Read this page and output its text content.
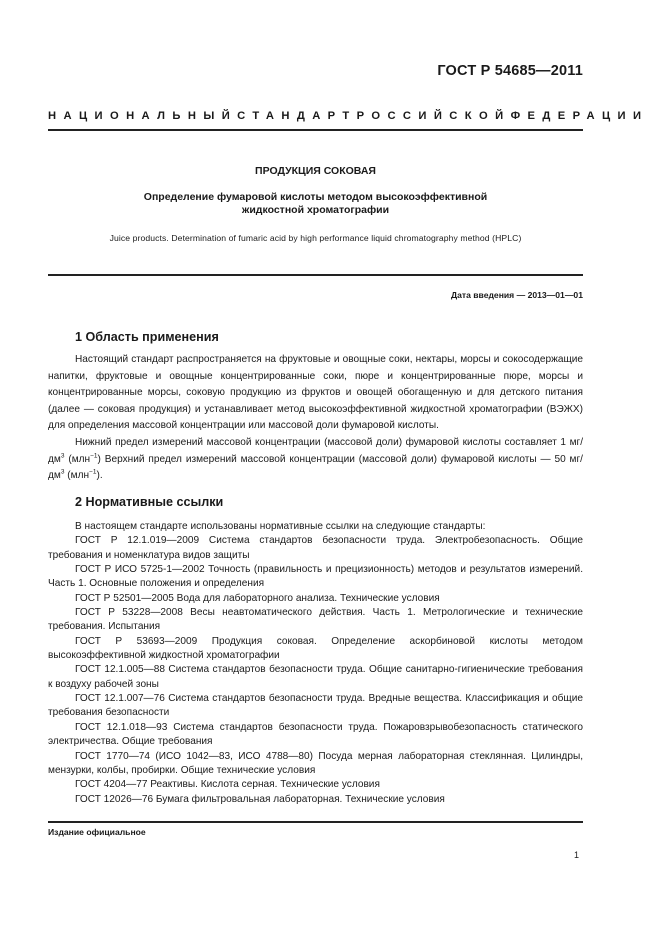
ГОСТ Р 54685—2011
НАЦИОНАЛЬНЫЙ СТАНДАРТ РОССИЙСКОЙ ФЕДЕРАЦИИ
ПРОДУКЦИЯ СОКОВАЯ
Определение фумаровой кислоты методом высокоэффективной
жидкостной хроматографии
Juice products. Determination of fumaric acid by high performance liquid chromatography method (HPLC)
Дата введения — 2013—01—01
1 Область применения

Настоящий стандарт распространяется на фруктовые и овощные соки, нектары, морсы и сокосодержащие напитки, фруктовые и овощные концентрированные соки, пюре и концентрированные пюре, морсы и концентрированные морсы, соковую продукцию из фруктов и овощей обогащенную и для детского питания (далее — соковая продукция) и устанавливает метод высокоэффективной жидкостной хроматографии (ВЭЖХ) для определения массовой концентрации или массовой доли фумаровой кислоты.

Нижний предел измерений массовой концентрации (массовой доли) фумаровой кислоты составляет 1 $мг/дм^3$ (млн$^{-1}$) Верхний предел измерений массовой концентрации (массовой доли) фумаровой кислоты — 50 $мг/дм^3$ (млн$^{-1}$).

2 Нормативные ссылки

В настоящем стандарте использованы нормативные ссылки на следующие стандарты:

ГОСТ Р 12.1.019—2009 Система стандартов безопасности труда. Электробезопасность. Общие требования и номенклатура видов защиты

ГОСТ Р ИСО 5725-1—2002 Точность (правильность и прецизионность) методов и результатов измерений. Часть 1. Основные положения и определения

ГОСТ Р 52501—2005 Вода для лабораторного анализа. Технические условия

ГОСТ Р 53228—2008 Весы неавтоматического действия. Часть 1. Метрологические и технические требования. Испытания

ГОСТ Р 53693—2009 Продукция соковая. Определение аскорбиновой кислоты методом высокоэффективной жидкостной хроматографии

ГОСТ 12.1.005—88 Система стандартов безопасности труда. Общие санитарно-гигиенические требования к воздуху рабочей зоны

ГОСТ 12.1.007—76 Система стандартов безопасности труда. Вредные вещества. Классификация и общие требования безопасности

ГОСТ 12.1.018—93 Система стандартов безопасности труда. Пожаровзрывобезопасность статического электричества. Общие требования

ГОСТ 1770—74 (ИСО 1042—83, ИСО 4788—80) Посуда мерная лабораторная стеклянная. Цилиндры, мензурки, колбы, пробирки. Общие технические условия

ГОСТ 4204—77 Реактивы. Кислота серная. Технические условия

ГОСТ 12026—76 Бумага фильтровальная лабораторная. Технические условия

Издание официальное
1
